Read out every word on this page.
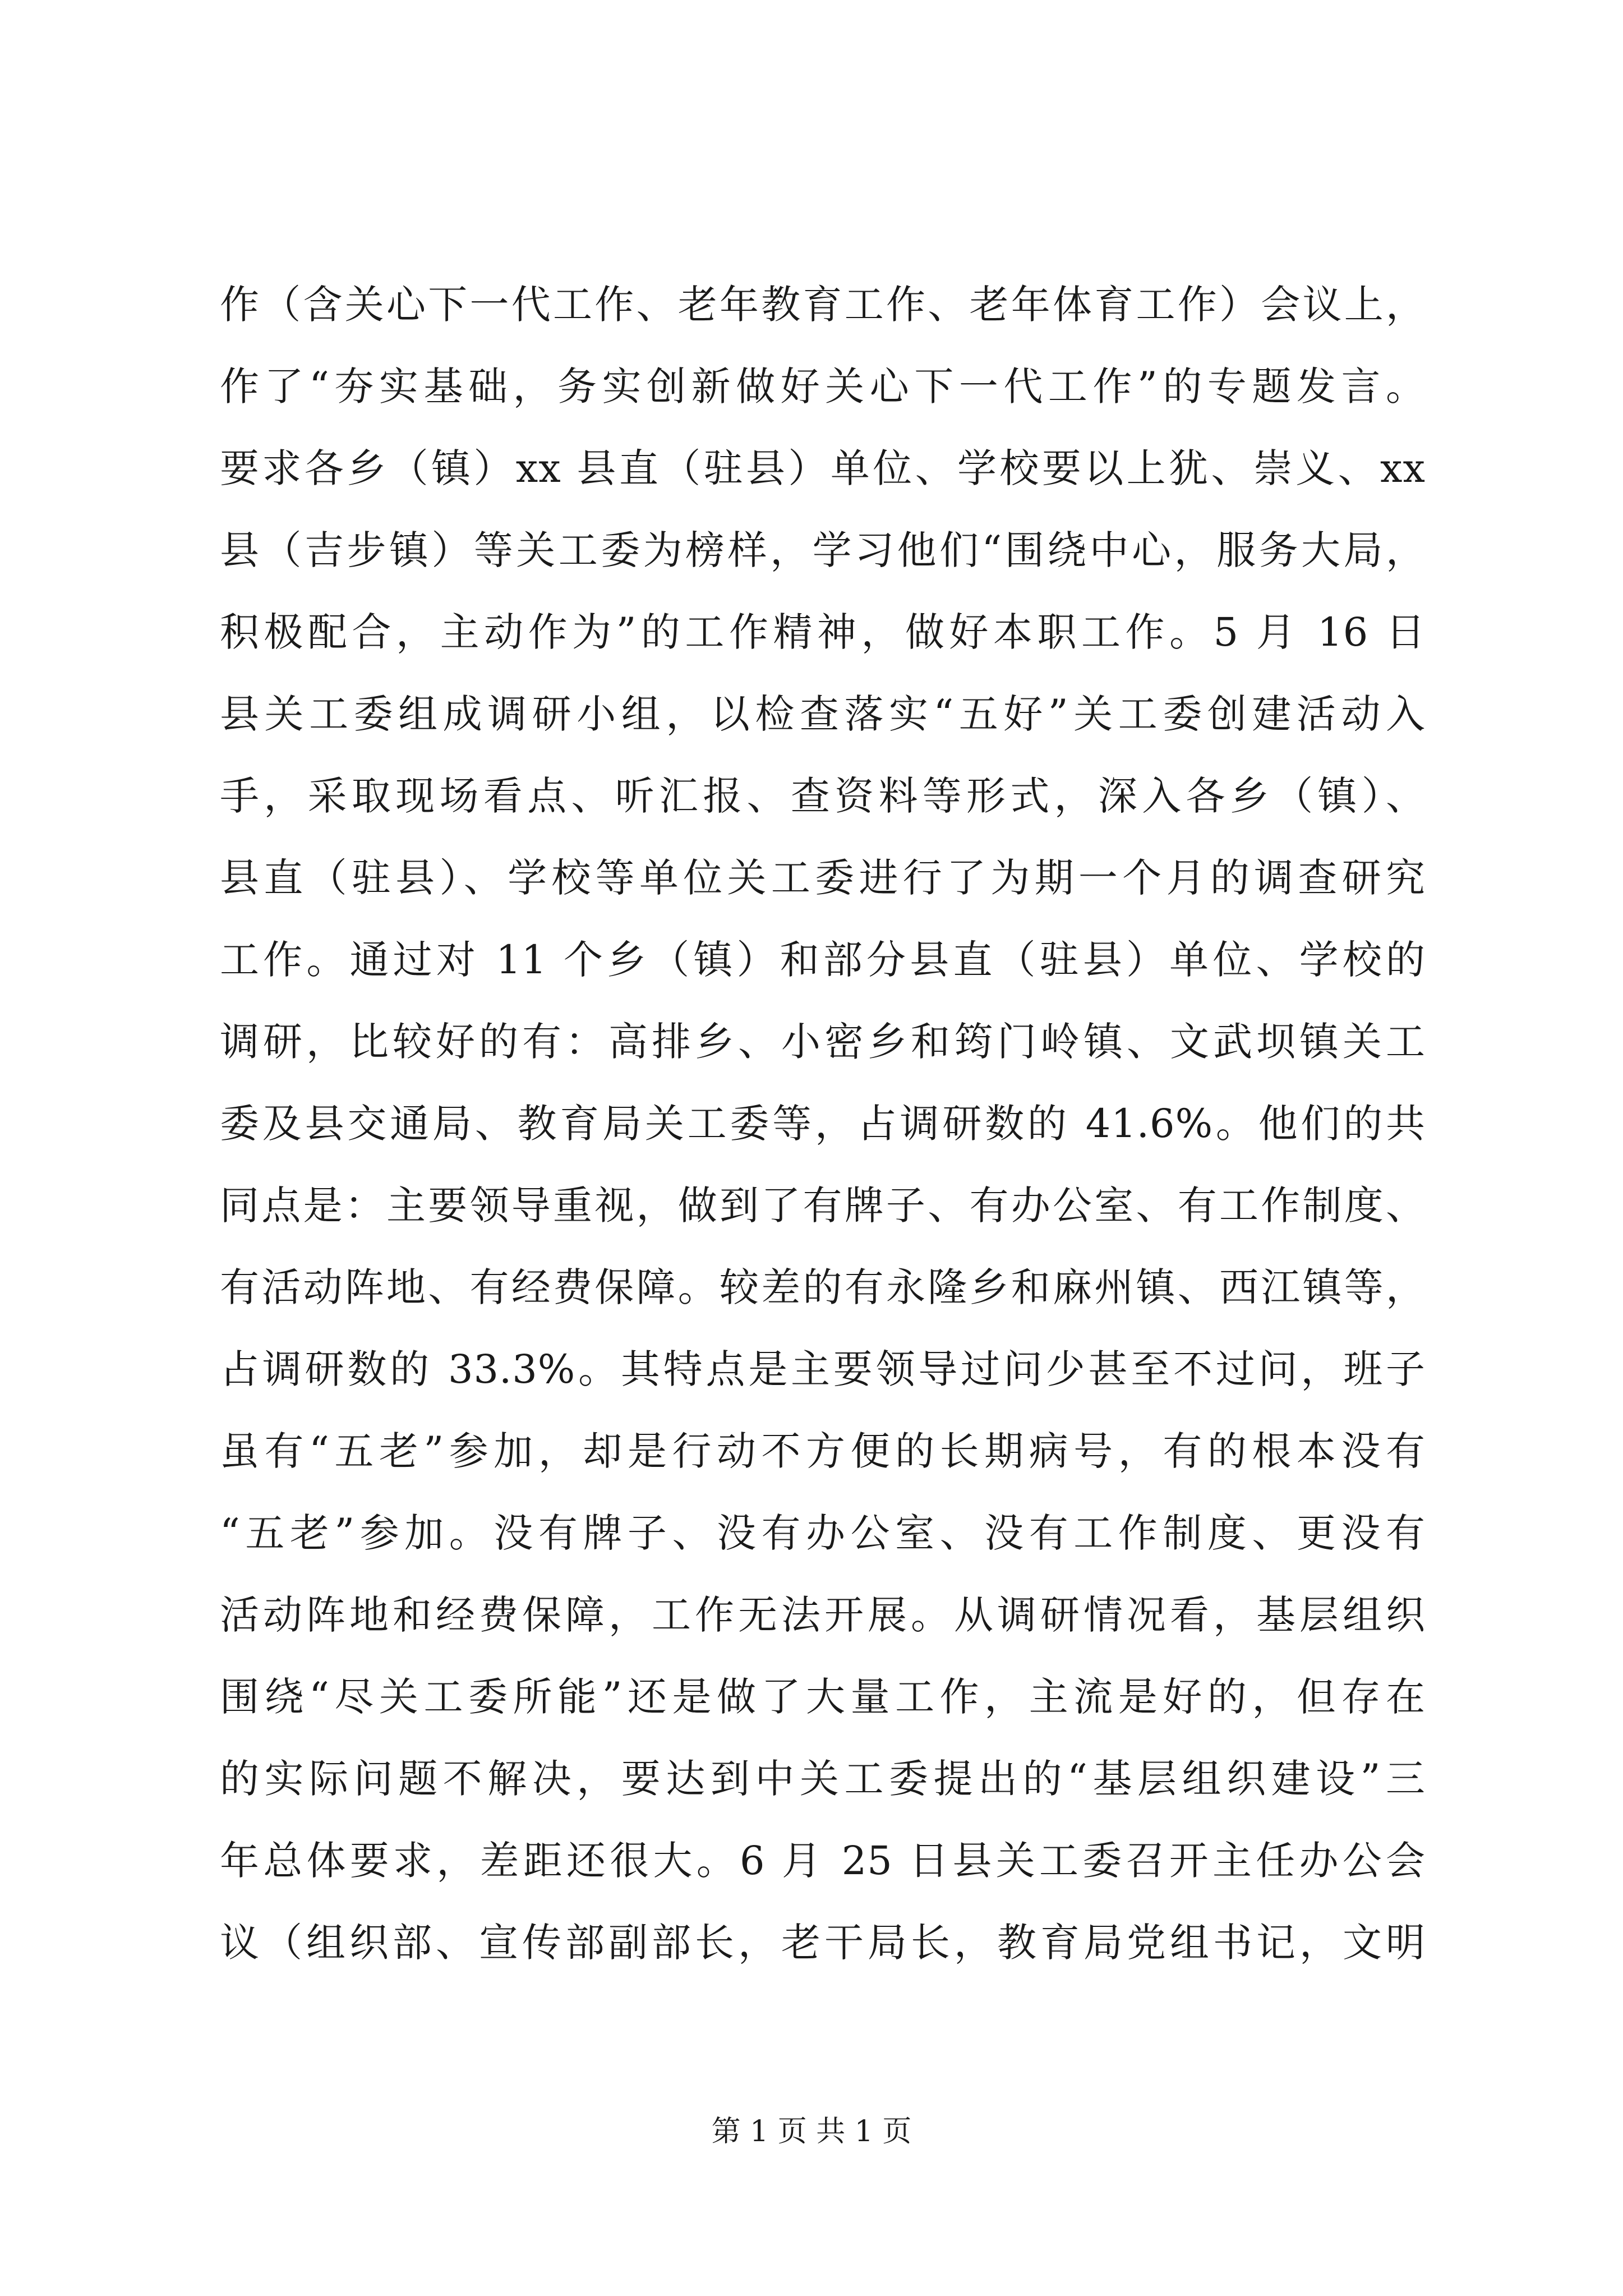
作（含关心下一代工作、老年教育工作、老年体育工作）会议上，
作了“夯实基础，务实创新做好关心下一代工作”的专题发言。
要求各乡（镇）xx 县直（驻县）单位、学校要以上犹、崇义、xx
县（吉步镇）等关工委为榜样，学习他们“围绕中心，服务大局，
积极配合，主动作为”的工作精神，做好本职工作。5 月 16 日
县关工委组成调研小组，以检查落实“五好”关工委创建活动入
手，采取现场看点、听汇报、查资料等形式，深入各乡（镇）、
县直（驻县）、学校等单位关工委进行了为期一个月的调查研究
工作。通过对 11 个乡（镇）和部分县直（驻县）单位、学校的
调研，比较好的有：高排乡、小密乡和筠门岭镇、文武坝镇关工
委及县交通局、教育局关工委等，占调研数的 41.6%。他们的共
同点是：主要领导重视，做到了有牌子、有办公室、有工作制度、
有活动阵地、有经费保障。较差的有永隆乡和麻州镇、西江镇等，
占调研数的 33.3%。其特点是主要领导过问少甚至不过问，班子
虽有“五老”参加，却是行动不方便的长期病号，有的根本没有
“五老”参加。没有牌子、没有办公室、没有工作制度、更没有
活动阵地和经费保障，工作无法开展。从调研情况看，基层组织
围绕“尽关工委所能”还是做了大量工作，主流是好的，但存在
的实际问题不解决，要达到中关工委提出的“基层组织建设”三
年总体要求，差距还很大。6 月 25 日县关工委召开主任办公会
议（组织部、宣传部副部长，老干局长，教育局党组书记，文明
第 1 页 共 1 页
